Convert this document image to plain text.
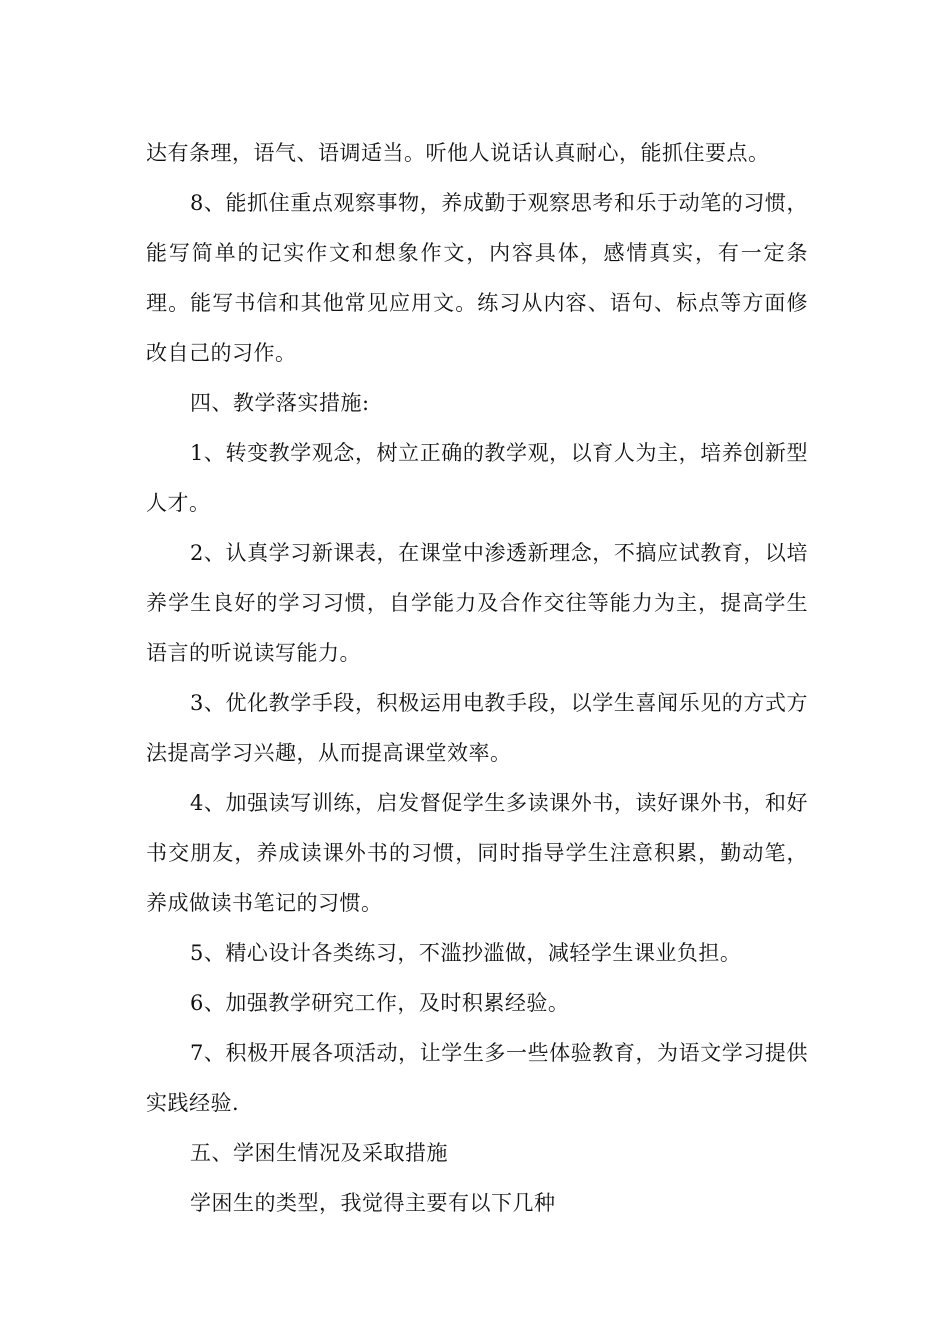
达有条理，语气、语调适当。听他人说话认真耐心，能抓住要点。

8、能抓住重点观察事物，养成勤于观察思考和乐于动笔的习惯，能写简单的记实作文和想象作文，内容具体，感情真实，有一定条理。能写书信和其他常见应用文。练习从内容、语句、标点等方面修改自己的习作。

四、教学落实措施:

1、转变教学观念，树立正确的教学观，以育人为主，培养创新型人才。

2、认真学习新课表，在课堂中渗透新理念，不搞应试教育，以培养学生良好的学习习惯，自学能力及合作交往等能力为主，提高学生语言的听说读写能力。

3、优化教学手段，积极运用电教手段，以学生喜闻乐见的方式方法提高学习兴趣，从而提高课堂效率。

4、加强读写训练，启发督促学生多读课外书，读好课外书，和好书交朋友，养成读课外书的习惯，同时指导学生注意积累，勤动笔，养成做读书笔记的习惯。

5、精心设计各类练习，不滥抄滥做，减轻学生课业负担。

6、加强教学研究工作，及时积累经验。

7、积极开展各项活动，让学生多一些体验教育，为语文学习提供实践经验.

五、学困生情况及采取措施

学困生的类型，我觉得主要有以下几种
